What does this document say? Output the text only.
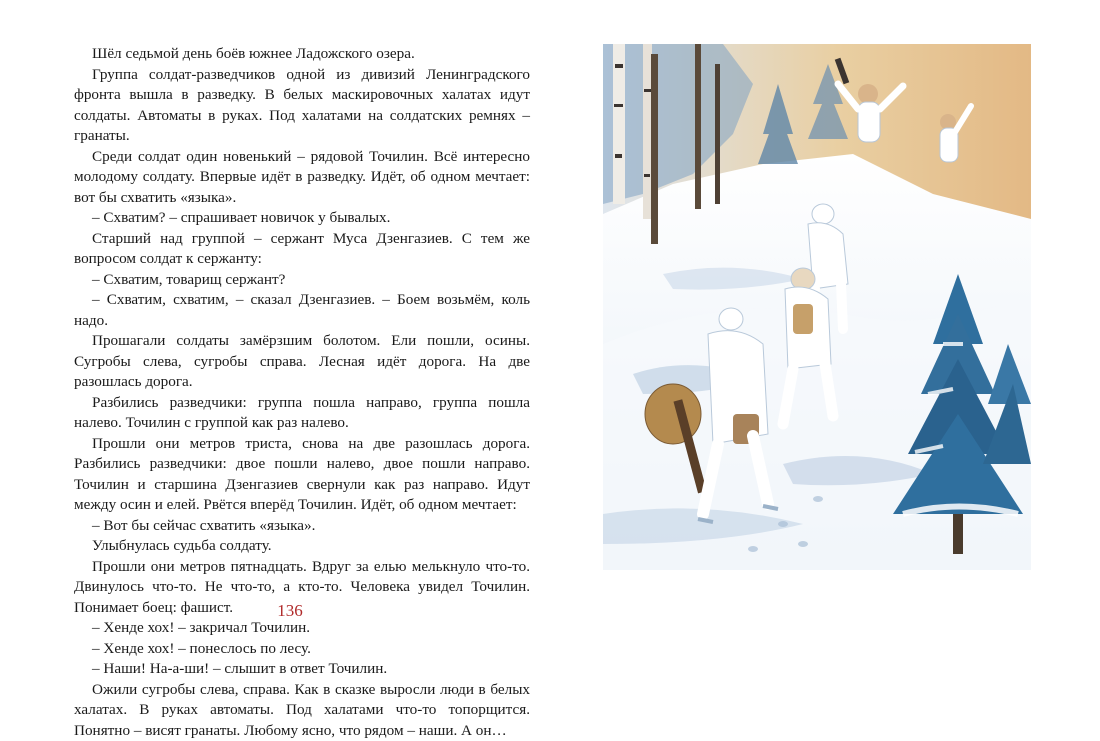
Шёл седьмой день боёв южнее Ладожского озера.

Группа солдат-разведчиков одной из дивизий Ленинградского фронта вышла в разведку. В белых маскировочных халатах идут солдаты. Автоматы в руках. Под халатами на солдатских ремнях – гранаты.

Среди солдат один новенький – рядовой Точилин. Всё интересно молодому солдату. Впервые идёт в разведку. Идёт, об одном мечтает: вот бы схватить «языка».

– Схватим? – спрашивает новичок у бывалых.

Старший над группой – сержант Муса Дзенгазиев. С тем же вопросом солдат к сержанту:

– Схватим, товарищ сержант?

– Схватим, схватим, – сказал Дзенгазиев. – Боем возьмём, коль надо.

Прошагали солдаты замёрзшим болотом. Ели пошли, осины. Сугробы слева, сугробы справа. Лесная идёт дорога. На две разошлась дорога.

Разбились разведчики: группа пошла направо, группа пошла налево. Точилин с группой как раз налево.

Прошли они метров триста, снова на две разошлась дорога. Разбились разведчики: двое пошли налево, двое пошли направо. Точилин и старшина Дзенгазиев свернули как раз направо. Идут между осин и елей. Рвётся вперёд Точилин. Идёт, об одном мечтает:

– Вот бы сейчас схватить «языка».

Улыбнулась судьба солдату.

Прошли они метров пятнадцать. Вдруг за елью мелькнуло что-то. Двинулось что-то. Не что-то, а кто-то. Человека увидел Точилин. Понимает боец: фашист.

– Хенде хох! – закричал Точилин.

– Хенде хох! – понеслось по лесу.

– Наши! На-а-ши! – слышит в ответ Точилин.

Ожили сугробы слева, справа. Как в сказке выросли люди в белых халатах. В руках автоматы. Под халатами что-то топорщится. Понятно – висят гранаты. Любому ясно, что рядом – наши. А он…

136
